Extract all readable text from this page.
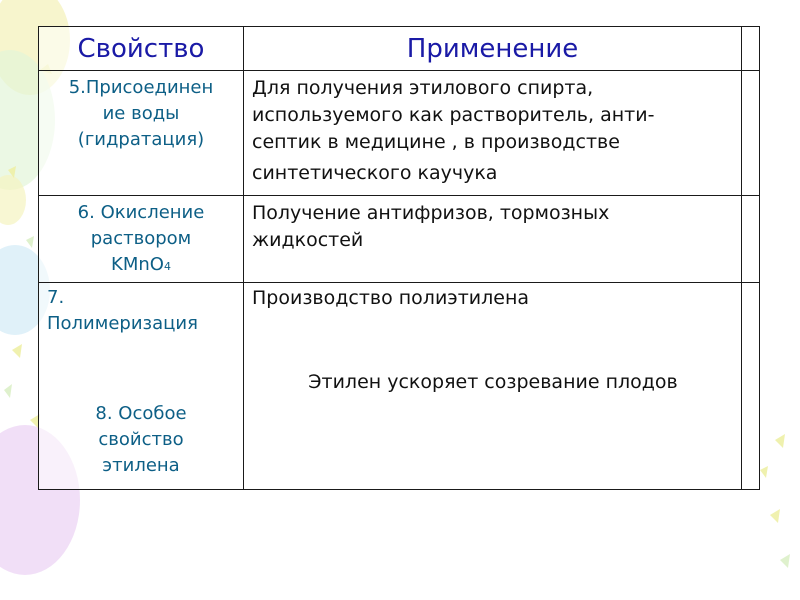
Свойство	Применение
5.Присоединен
ие воды
(гидратация)
Для получения этилового спирта,
используемого как растворитель, анти-
септик в медицине , в производстве
синтетического каучука
6. Окисление
раствором
KMnO4
Получение антифризов, тормозных
жидкостей
7.
Полимеризация
8. Особое
свойство
этилена
Производство полиэтилена
Этилен ускоряет созревание плодов
